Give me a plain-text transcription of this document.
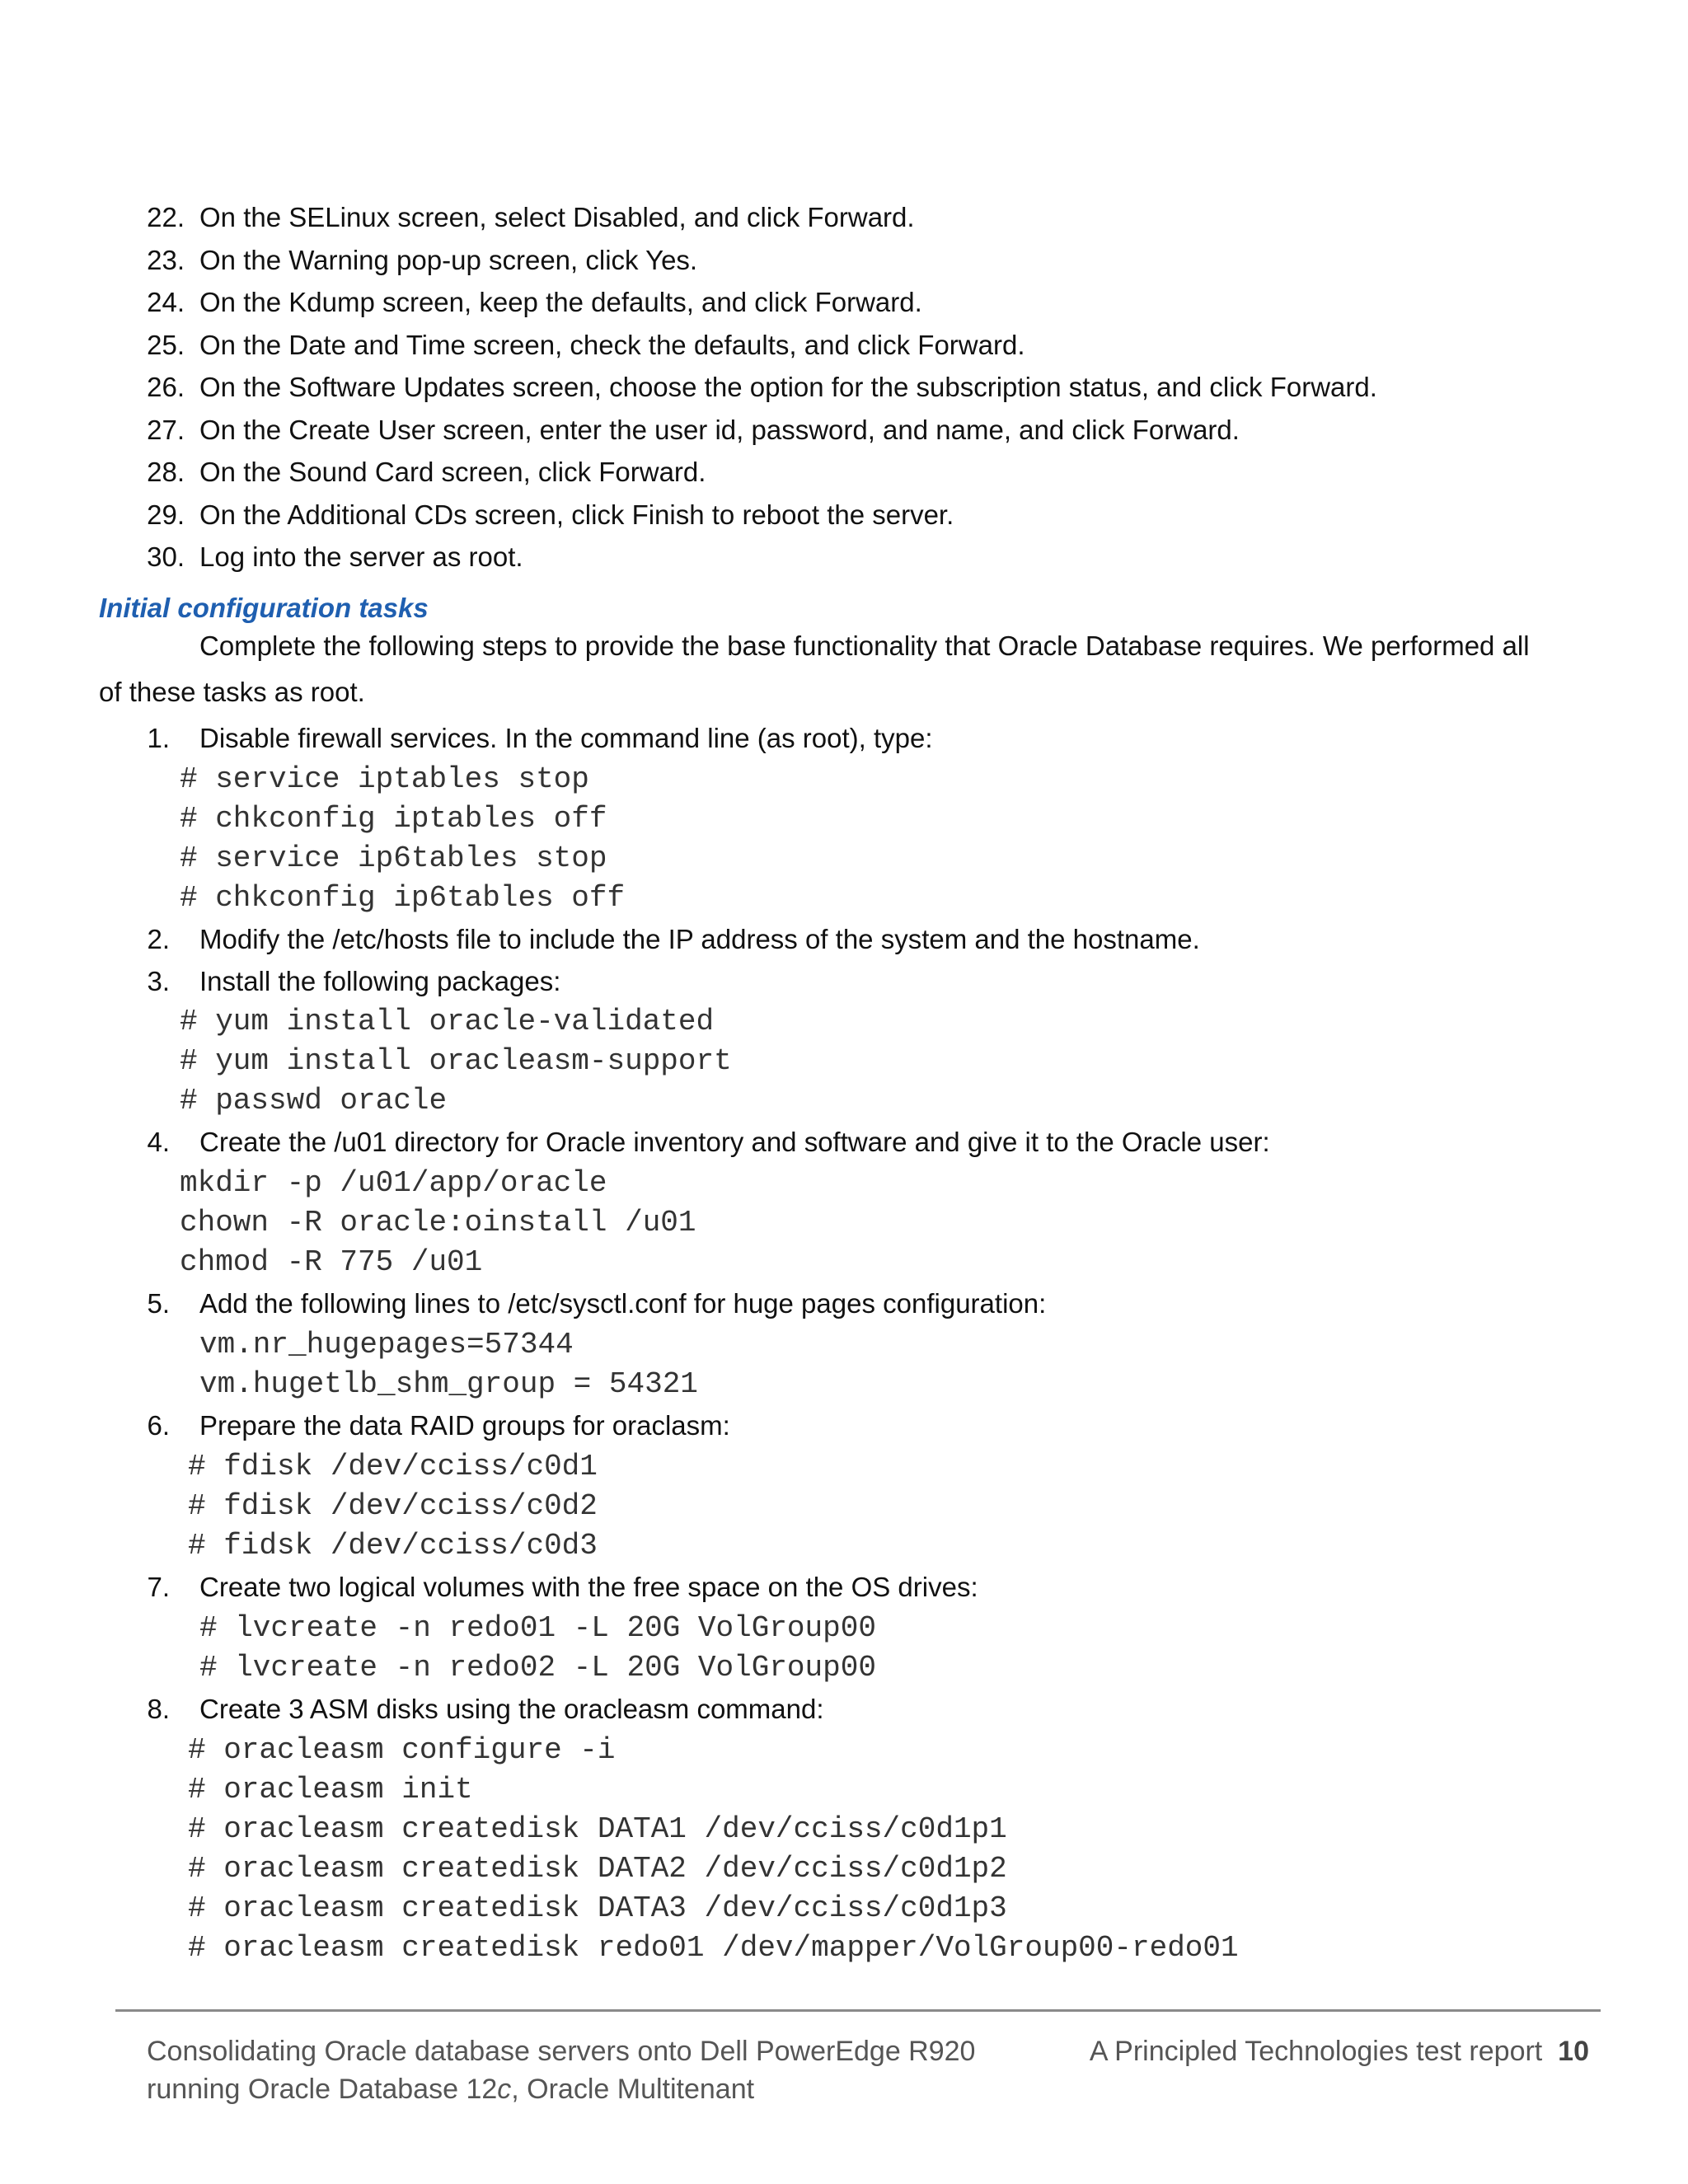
22. On the SELinux screen, select Disabled, and click Forward.
23. On the Warning pop-up screen, click Yes.
24. On the Kdump screen, keep the defaults, and click Forward.
25. On the Date and Time screen, check the defaults, and click Forward.
26. On the Software Updates screen, choose the option for the subscription status, and click Forward.
27. On the Create User screen, enter the user id, password, and name, and click Forward.
28. On the Sound Card screen, click Forward.
29. On the Additional CDs screen, click Finish to reboot the server.
30. Log into the server as root.
Initial configuration tasks
Complete the following steps to provide the base functionality that Oracle Database requires. We performed all
of these tasks as root.
1. Disable firewall services. In the command line (as root), type:
# service iptables stop
# chkconfig iptables off
# service ip6tables stop
# chkconfig ip6tables off
2. Modify the /etc/hosts file to include the IP address of the system and the hostname.
3. Install the following packages:
# yum install oracle-validated
# yum install oracleasm-support
# passwd oracle
4. Create the /u01 directory for Oracle inventory and software and give it to the Oracle user:
mkdir -p /u01/app/oracle
chown -R oracle:oinstall /u01
chmod -R 775 /u01
5. Add the following lines to /etc/sysctl.conf for huge pages configuration:
vm.nr_hugepages=57344
vm.hugetlb_shm_group = 54321
6. Prepare the data RAID groups for oraclasm:
# fdisk /dev/cciss/c0d1
# fdisk /dev/cciss/c0d2
# fidsk /dev/cciss/c0d3
7. Create two logical volumes with the free space on the OS drives:
# lvcreate -n redo01 -L 20G VolGroup00
# lvcreate -n redo02 -L 20G VolGroup00
8. Create 3 ASM disks using the oracleasm command:
# oracleasm configure -i
# oracleasm init
# oracleasm createdisk DATA1 /dev/cciss/c0d1p1
# oracleasm createdisk DATA2 /dev/cciss/c0d1p2
# oracleasm createdisk DATA3 /dev/cciss/c0d1p3
# oracleasm createdisk redo01 /dev/mapper/VolGroup00-redo01
Consolidating Oracle database servers onto Dell PowerEdge R920
running Oracle Database 12c, Oracle Multitenant
A Principled Technologies test report 10
